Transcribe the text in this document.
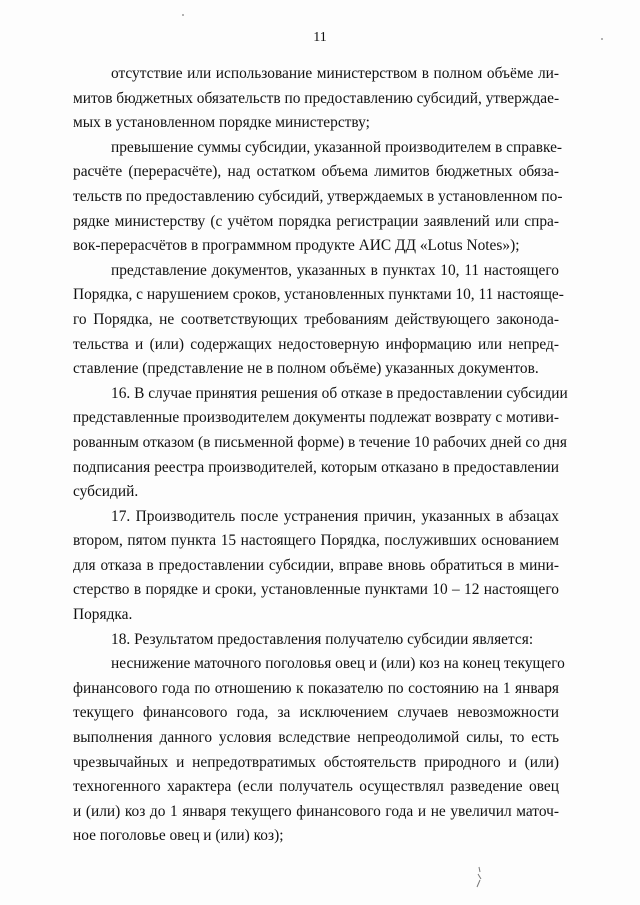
11

отсутствие или использование министерством в полном объёме ли-
митов бюджетных обязательств по предоставлению субсидий, утверждае-
мых в установленном порядке министерству;

превышение суммы субсидии, указанной производителем в справке-
расчёте (перерасчёте), над остатком объема лимитов бюджетных обяза-
тельств по предоставлению субсидий, утверждаемых в установленном по-
рядке министерству (с учётом порядка регистрации заявлений или спра-
вок-перерасчётов в программном продукте АИС ДД «Lotus Notes»);

представление документов, указанных в пунктах 10, 11 настоящего
Порядка, с нарушением сроков, установленных пунктами 10, 11 настояще-
го Порядка, не соответствующих требованиям действующего законода-
тельства и (или) содержащих недостоверную информацию или непред-
ставление (представление не в полном объёме) указанных документов.

16. В случае принятия решения об отказе в предоставлении субсидии
представленные производителем документы подлежат возврату с мотиви-
рованным отказом (в письменной форме) в течение 10 рабочих дней со дня
подписания реестра производителей, которым отказано в предоставлении
субсидий.

17. Производитель после устранения причин, указанных в абзацах
втором, пятом пункта 15 настоящего Порядка, послуживших основанием
для отказа в предоставлении субсидии, вправе вновь обратиться в мини-
стерство в порядке и сроки, установленные пунктами 10 – 12 настоящего
Порядка.

18. Результатом предоставления получателю субсидии является:

неснижение маточного поголовья овец и (или) коз на конец текущего
финансового года по отношению к показателю по состоянию на 1 января
текущего финансового года, за исключением случаев невозможности
выполнения данного условия вследствие непреодолимой силы, то есть
чрезвычайных и непредотвратимых обстоятельств природного и (или)
техногенного характера (если получатель осуществлял разведение овец
и (или) коз до 1 января текущего финансового года и не увеличил маточ-
ное поголовье овец и (или) коз);
